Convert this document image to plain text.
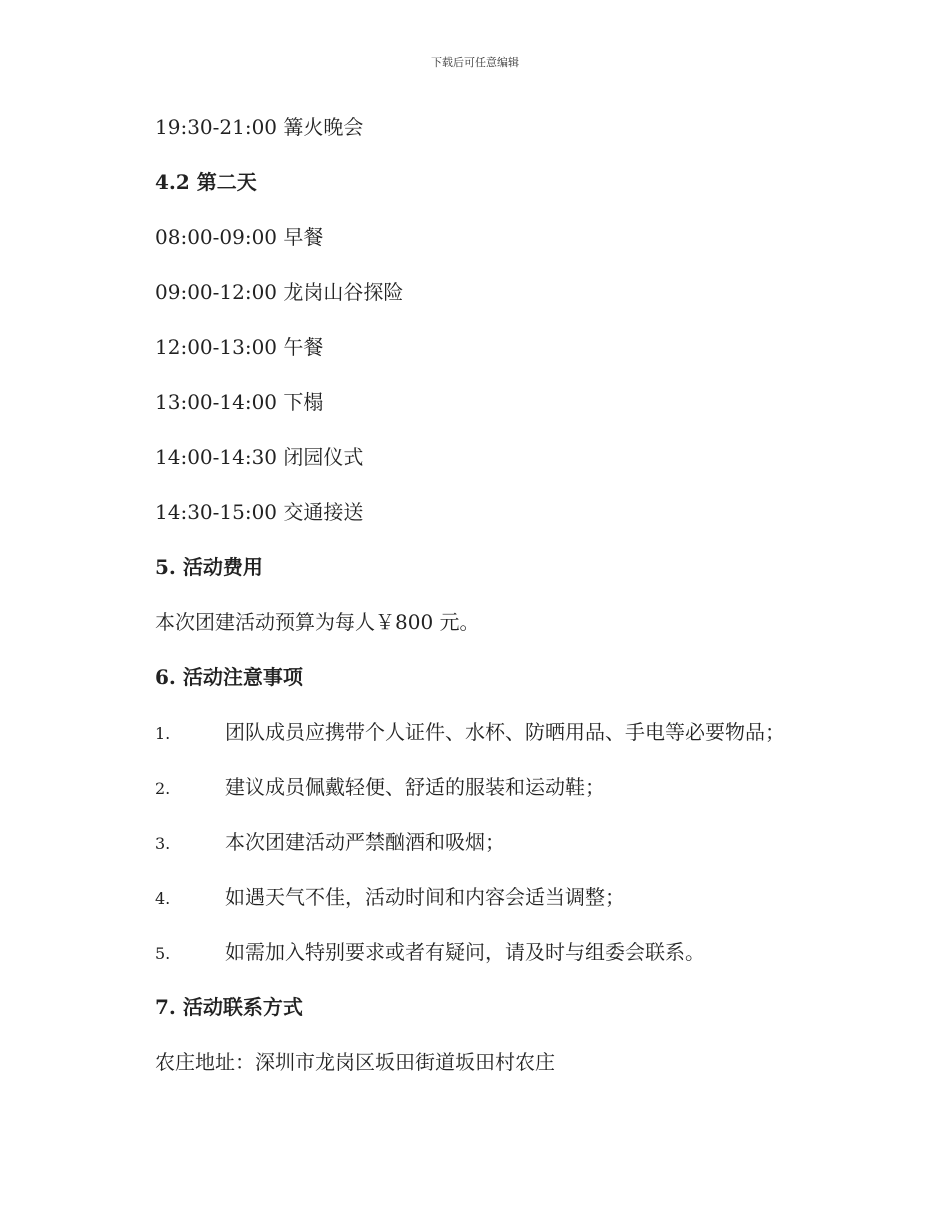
下载后可任意编辑
19:30-21:00 篝火晚会
4.2 第二天
08:00-09:00 早餐
09:00-12:00 龙岗山谷探险
12:00-13:00 午餐
13:00-14:00 下榻
14:00-14:30 闭园仪式
14:30-15:00 交通接送
5. 活动费用
本次团建活动预算为每人￥800 元。
6. 活动注意事项
1.	团队成员应携带个人证件、水杯、防晒用品、手电等必要物品；
2.	建议成员佩戴轻便、舒适的服装和运动鞋；
3.	本次团建活动严禁酗酒和吸烟；
4.	如遇天气不佳，活动时间和内容会适当调整；
5.	如需加入特别要求或者有疑问，请及时与组委会联系。
7. 活动联系方式
农庄地址：深圳市龙岗区坂田街道坂田村农庄
